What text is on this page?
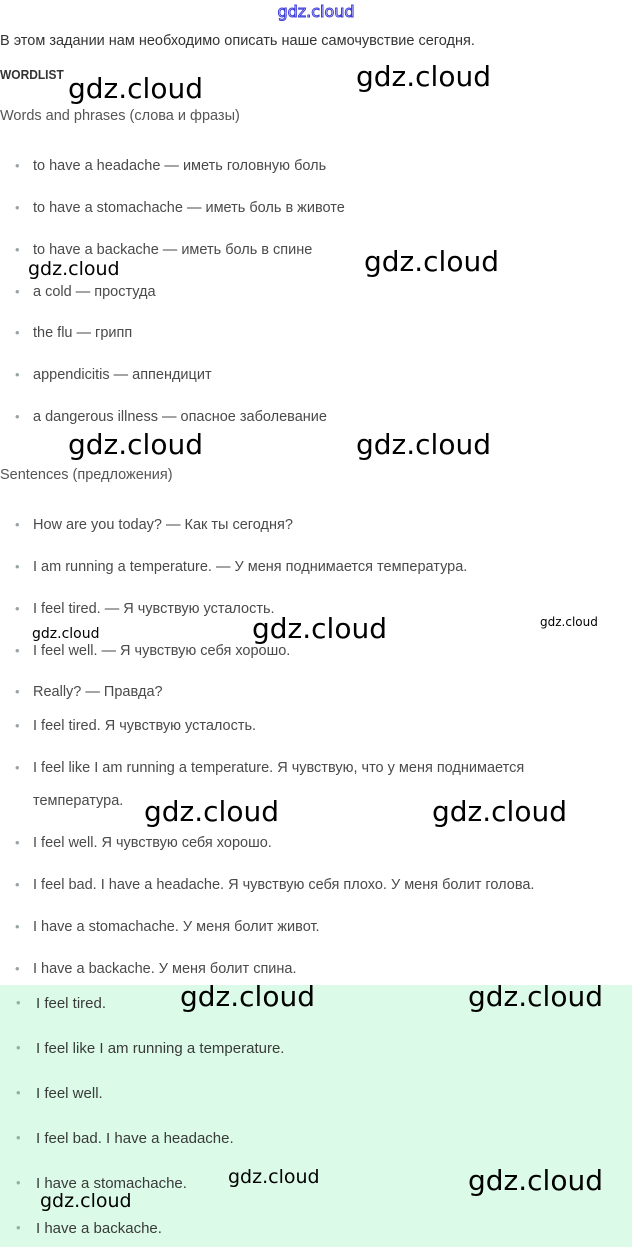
gdz.cloud
В этом задании нам необходимо описать наше самочувствие сегодня.
WORDLIST
Words and phrases (слова и фразы)
• to have a headache — иметь головную боль
• to have a stomachache — иметь боль в животе
• to have a backache — иметь боль в спине
• a cold — простуда
• the flu — грипп
• appendicitis — аппендицит
• a dangerous illness — опасное заболевание
Sentences (предложения)
• How are you today? — Как ты сегодня?
• I am running a temperature. — У меня поднимается температура.
• I feel tired. — Я чувствую усталость.
• I feel well. — Я чувствую себя хорошо.
• Really? — Правда?
• I feel tired. Я чувствую усталость.
• I feel like I am running a temperature. Я чувствую, что у меня поднимается
температура.
• I feel well. Я чувствую себя хорошо.
• I feel bad. I have a headache. Я чувствую себя плохо. У меня болит голова.
• I have a stomachache. У меня болит живот.
• I have a backache. У меня болит спина.
• I feel tired.
• I feel like I am running a temperature.
• I feel well.
• I feel bad. I have a headache.
• I have a stomachache.
• I have a backache.
gdz.cloud	gdz.cloud
gdz.cloud
gdz.cloud
gdz.cloud	gdz.cloud
gdz.cloud
gdz.cloud
gdz.cloud
gdz.cloud	gdz.cloud
gdz.cloud	gdz.cloud
gdz.cloud	gdz.cloud
gdz.cloud
